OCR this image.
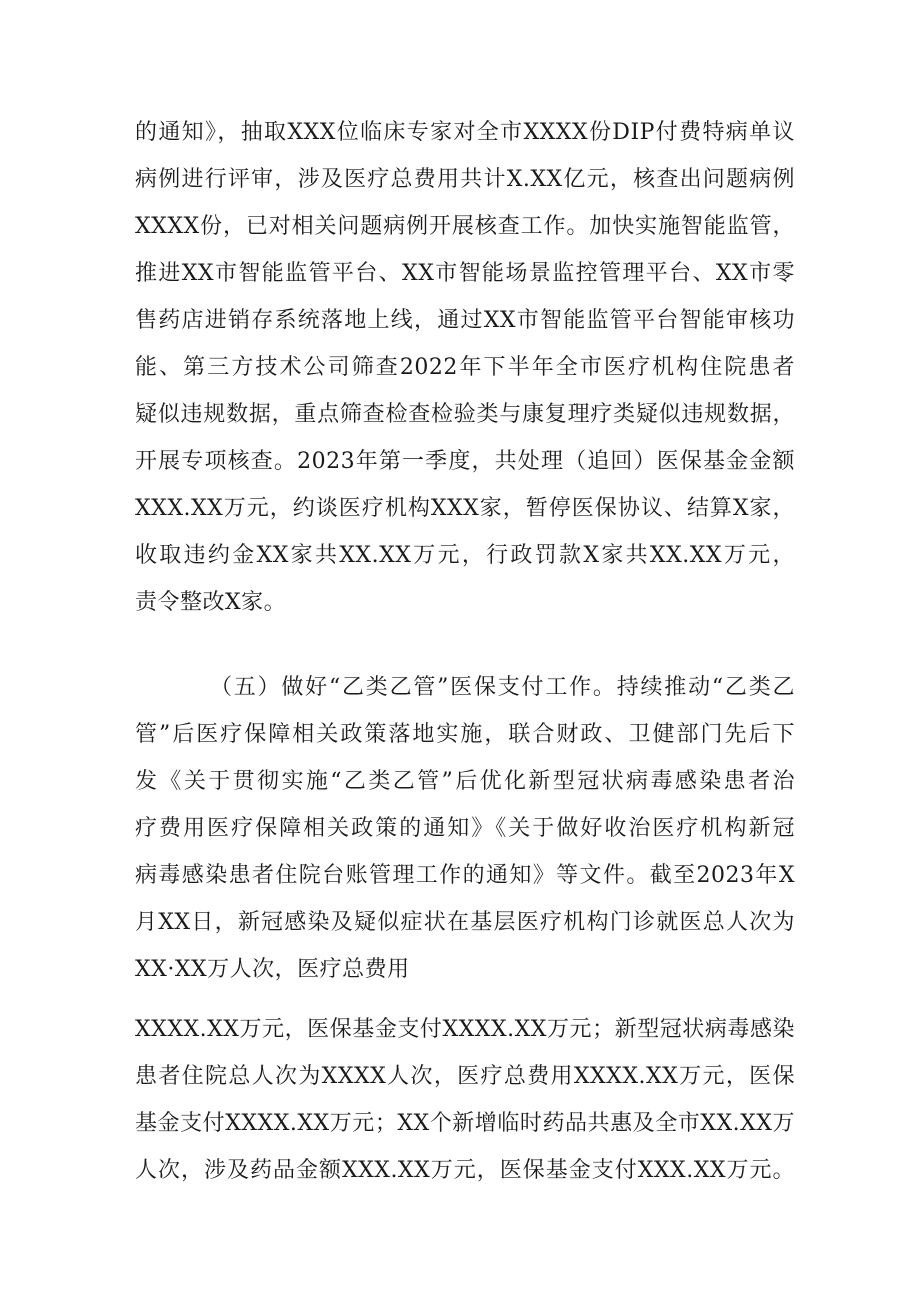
的通知》，抽取XXX位临床专家对全市XXXX份DIP付费特病单议
病例进行评审，涉及医疗总费用共计X.XX亿元，核查出问题病例
XXXX份，已对相关问题病例开展核查工作。加快实施智能监管，
推进XX市智能监管平台、XX市智能场景监控管理平台、XX市零
售药店进销存系统落地上线，通过XX市智能监管平台智能审核功
能、第三方技术公司筛查2022年下半年全市医疗机构住院患者
疑似违规数据，重点筛查检查检验类与康复理疗类疑似违规数据，
开展专项核查。2023年第一季度，共处理（追回）医保基金金额
XXX.XX万元，约谈医疗机构XXX家，暂停医保协议、结算X家，
收取违约金XX家共XX.XX万元，行政罚款X家共XX.XX万元，
责令整改X家。
（五）做好“乙类乙管”医保支付工作。持续推动“乙类乙
管”后医疗保障相关政策落地实施，联合财政、卫健部门先后下
发《关于贯彻实施“乙类乙管”后优化新型冠状病毒感染患者治
疗费用医疗保障相关政策的通知》《关于做好收治医疗机构新冠
病毒感染患者住院台账管理工作的通知》等文件。截至2023年X
月XX日，新冠感染及疑似症状在基层医疗机构门诊就医总人次为
XX·XX万人次，医疗总费用
XXXX.XX万元，医保基金支付XXXX.XX万元；新型冠状病毒感染
患者住院总人次为XXXX人次，医疗总费用XXXX.XX万元，医保
基金支付XXXX.XX万元；XX个新增临时药品共惠及全市XX.XX万
人次，涉及药品金额XXX.XX万元，医保基金支付XXX.XX万元。
